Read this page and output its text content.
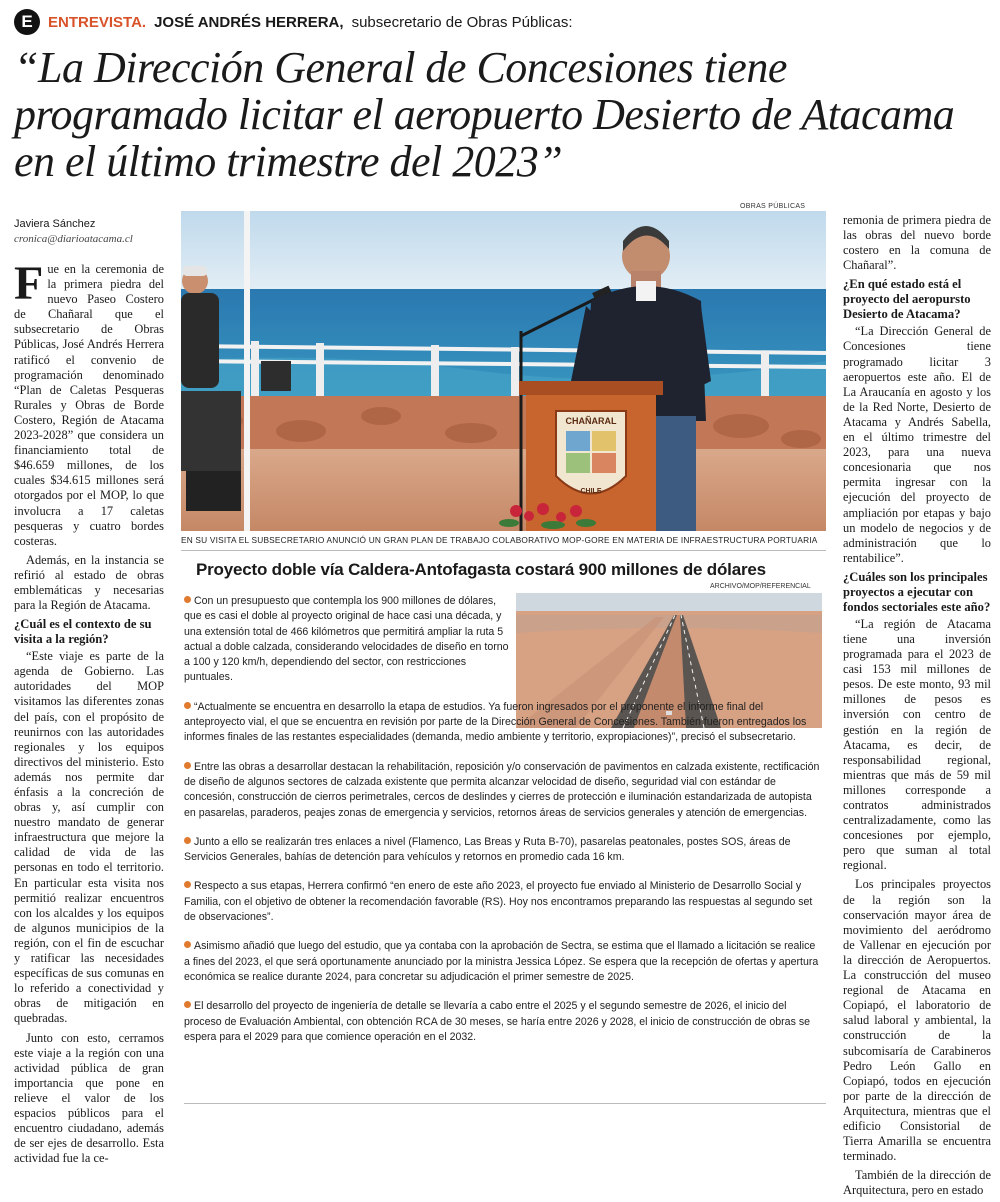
E	ENTREVISTA. JOSÉ ANDRÉS HERRERA, subsecretario de Obras Públicas:
“La Dirección General de Concesiones tiene programado licitar el aeropuerto Desierto de Atacama en el último trimestre del 2023”
Javiera Sánchez
cronica@diarioatacama.cl

Fue en la ceremonia de la primera piedra del nuevo Paseo Costero de Chañaral que el subsecretario de Obras Públicas, José Andrés Herrera ratificó el convenio de programación denominado “Plan de Caletas Pesqueras Rurales y Obras de Borde Costero, Región de Atacama 2023-2028” que considera un financiamiento total de $46.659 millones, de los cuales $34.615 millones será otorgados por el MOP, lo que involucra a 17 caletas pesqueras y cuatro bordes costeras.

Además, en la instancia se refirió al estado de obras emblemáticas y necesarias para la Región de Atacama.

¿Cuál es el contexto de su visita a la región?

“Este viaje es parte de la agenda de Gobierno. Las autoridades del MOP visitamos las diferentes zonas del país, con el propósito de reunirnos con las autoridades regionales y los equipos directivos del ministerio. Esto además nos permite dar énfasis a la concreción de obras y, así cumplir con nuestro mandato de generar infraestructura que mejore la calidad de vida de las personas en todo el territorio. En particular esta visita nos permitió realizar encuentros con los alcaldes y los equipos de algunos municipios de la región, con el fin de escuchar y ratificar las necesidades específicas de sus comunas en lo referido a conectividad y obras de mitigación en quebradas.

Junto con esto, cerramos este viaje a la región con una actividad pública de gran importancia que pone en relieve el valor de los espacios públicos para el encuentro ciudadano, además de ser ejes de desarrollo. Esta actividad fue la ce-

OBRAS PÚBLICAS
CHAÑARAL
CHILE
EN SU VISITA EL SUBSECRETARIO ANUNCIÓ UN GRAN PLAN DE TRABAJO COLABORATIVO MOP-GORE EN MATERIA DE INFRAESTRUCTURA PORTUARIA
Proyecto doble vía Caldera-Antofagasta costará 900 millones de dólares
ARCHIVO/MOP/REFERENCIAL
Con un presupuesto que contempla los 900 millones de dólares, que es casi el doble al proyecto original de hace casi una década, y una extensión total de 466 kilómetros que permitirá ampliar la ruta 5 actual a doble calzada, considerando velocidades de diseño en torno a 100 y 120 km/h, dependiendo del sector, con restricciones puntuales.
“Actualmente se encuentra en desarrollo la etapa de estudios. Ya fueron ingresados por el proponente el informe final del anteproyecto vial, el que se encuentra en revisión por parte de la Dirección General de Concesiones. También fueron entregados los informes finales de las restantes especialidades (demanda, medio ambiente y territorio, expropiaciones)”, precisó el subsecretario.
Entre las obras a desarrollar destacan la rehabilitación, reposición y/o conservación de pavimentos en calzada existente, rectificación de diseño de algunos sectores de calzada existente que permita alcanzar velocidad de diseño, seguridad vial con estándar de concesión, construcción de cierros perimetrales, cercos de deslindes y cierres de protección e iluminación estandarizada de autopista en pasarelas, paraderos, peajes zonas de emergencia y servicios, retornos áreas de servicios generales y atención de emergencias.
Junto a ello se realizarán tres enlaces a nivel (Flamenco, Las Breas y Ruta B-70), pasarelas peatonales, postes SOS, áreas de Servicios Generales, bahías de detención para vehículos y retornos en promedio cada 16 km.
Respecto a sus etapas, Herrera confirmó “en enero de este año 2023, el proyecto fue enviado al Ministerio de Desarrollo Social y Familia, con el objetivo de obtener la recomendación favorable (RS). Hoy nos encontramos preparando las respuestas al segundo set de observaciones”.
Asimismo añadió que luego del estudio, que ya contaba con la aprobación de Sectra, se estima que el llamado a licitación se realice a fines del 2023, el que será oportunamente anunciado por la ministra Jessica López. Se espera que la recepción de ofertas y apertura económica se realice durante 2024, para concretar su adjudicación el primer semestre de 2025.
El desarrollo del proyecto de ingeniería de detalle se llevaría a cabo entre el 2025 y el segundo semestre de 2026, el inicio del proceso de Evaluación Ambiental, con obtención RCA de 30 meses, se haría entre 2026 y 2028, el inicio de construcción de obras se espera para el 2029 para que comience operación en el 2032.

remonia de primera piedra de las obras del nuevo borde costero en la comuna de Chañaral”.

¿En qué estado está el proyecto del aeropursto Desierto de Atacama?

“La Dirección General de Concesiones tiene programado licitar 3 aeropuertos este año. El de La Araucanía en agosto y los de la Red Norte, Desierto de Atacama y Andrés Sabella, en el último trimestre del 2023, para una nueva concesionaria que nos permita ingresar con la ejecución del proyecto de ampliación por etapas y bajo un modelo de negocios y de administración que lo rentabilice”.

¿Cuáles son los principales proyectos a ejecutar con fondos sectoriales este año?

“La región de Atacama tiene una inversión programada para el 2023 de casi 153 mil millones de pesos. De este monto, 93 mil millones de pesos es inversión con centro de gestión en la región de Atacama, es decir, de responsabilidad regional, mientras que más de 59 mil millones corresponde a contratos administrados centralizadamente, como las concesiones por ejemplo, pero que suman al total regional.

Los principales proyectos de la región son la conservación mayor área de movimiento del aeródromo de Vallenar en ejecución por la dirección de Aeropuertos. La construcción del museo regional de Atacama en Copiapó, el laboratorio de salud laboral y ambiental, la construcción de la subcomisaría de Carabineros Pedro León Gallo en Copiapó, todos en ejecución por parte de la dirección de Arquitectura, mientras que el edificio Consistorial de Tierra Amarilla se encuentra terminado.

También de la dirección de Arquitectura, pero en estado
